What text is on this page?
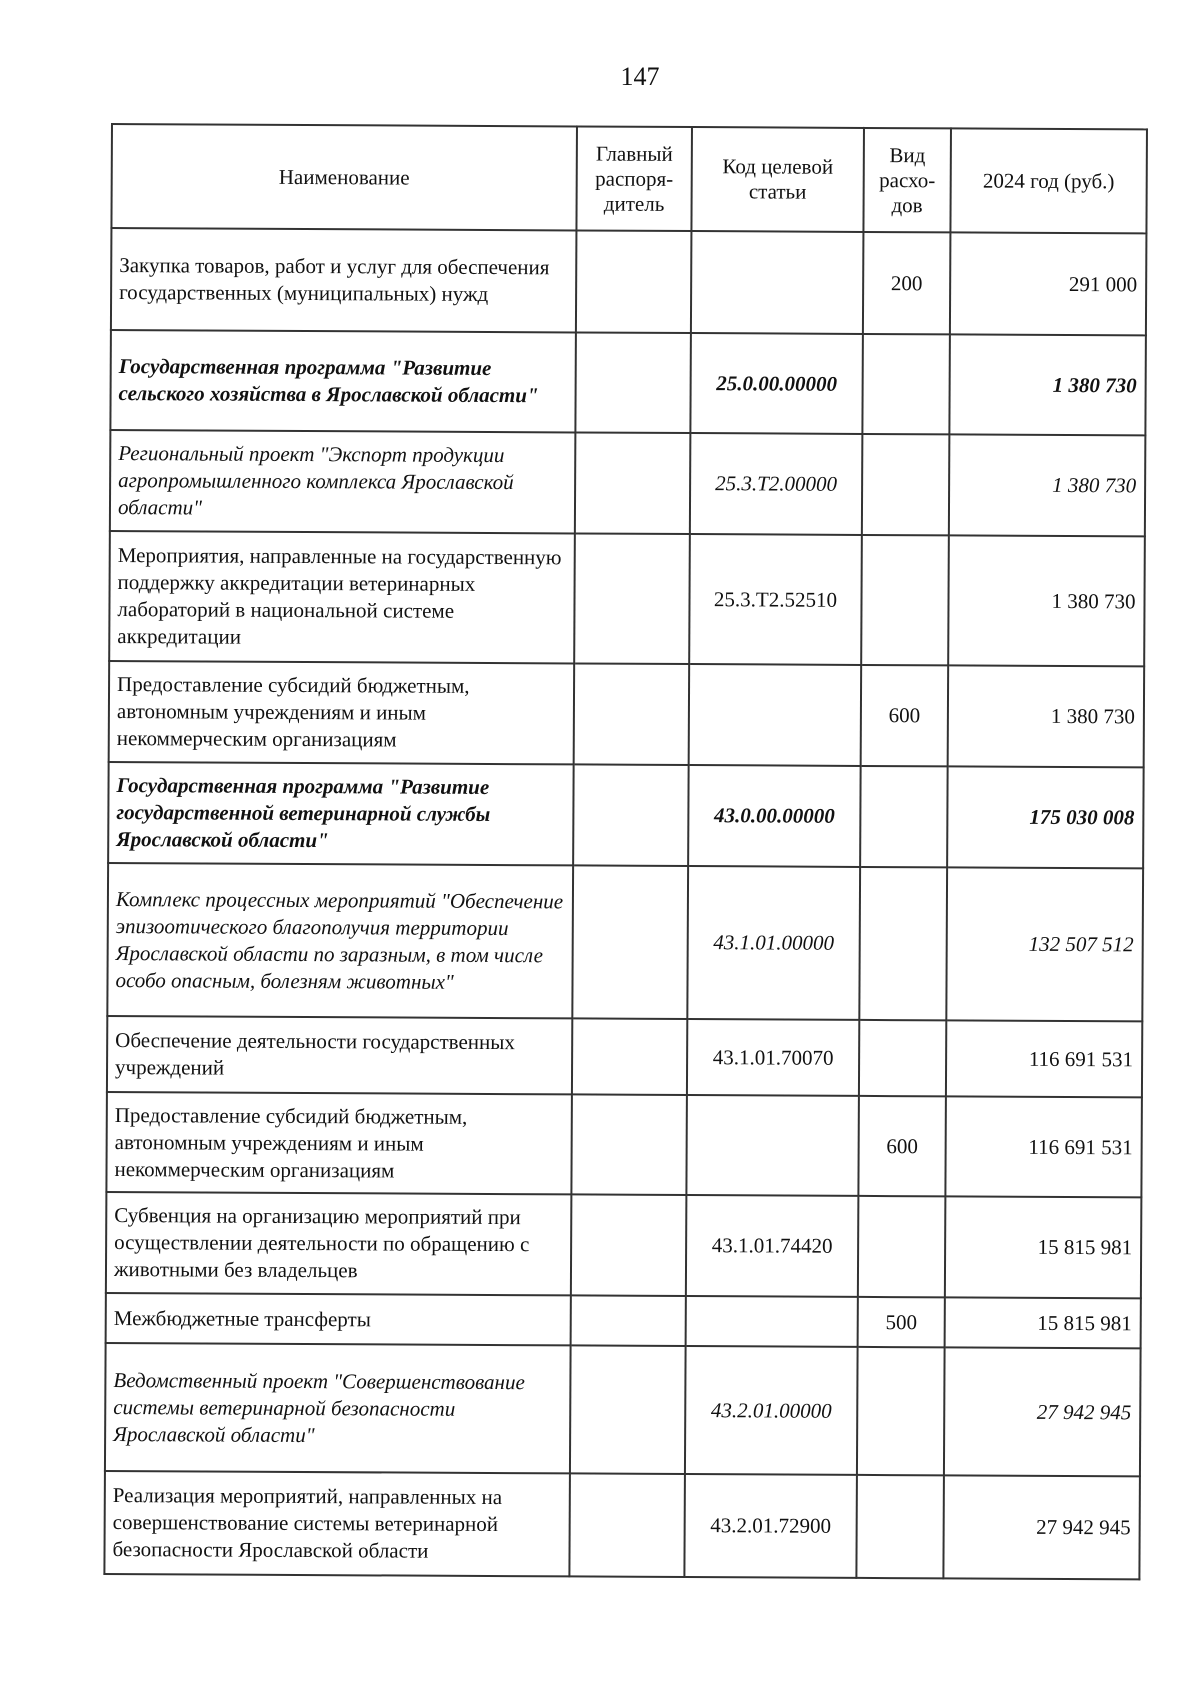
147
Наименование	Главный распоря-дитель	Код целевой статьи	Вид расхо-дов	2024 год (руб.)
Закупка товаров, работ и услуг для обеспечения государственных (муниципальных) нужд			200	291 000
Государственная программа "Развитие сельского хозяйства в Ярославской области"		25.0.00.00000		1 380 730
Региональный проект "Экспорт продукции агропромышленного комплекса Ярославской области"		25.3.Т2.00000		1 380 730
Мероприятия, направленные на государственную поддержку аккредитации ветеринарных лабораторий в национальной системе аккредитации		25.3.Т2.52510		1 380 730
Предоставление субсидий бюджетным, автономным учреждениям и иным некоммерческим организациям			600	1 380 730
Государственная программа "Развитие государственной ветеринарной службы Ярославской области"		43.0.00.00000		175 030 008
Комплекс процессных мероприятий "Обеспечение эпизоотического благополучия территории Ярославской области по заразным, в том числе особо опасным, болезням животных"		43.1.01.00000		132 507 512
Обеспечение деятельности государственных учреждений		43.1.01.70070		116 691 531
Предоставление субсидий бюджетным, автономным учреждениям и иным некоммерческим организациям			600	116 691 531
Субвенция на организацию мероприятий при осуществлении деятельности по обращению с животными без владельцев		43.1.01.74420		15 815 981
Межбюджетные трансферты			500	15 815 981
Ведомственный проект "Совершенствование системы ветеринарной безопасности Ярославской области"		43.2.01.00000		27 942 945
Реализация мероприятий, направленных на совершенствование системы ветеринарной безопасности Ярославской области		43.2.01.72900		27 942 945
